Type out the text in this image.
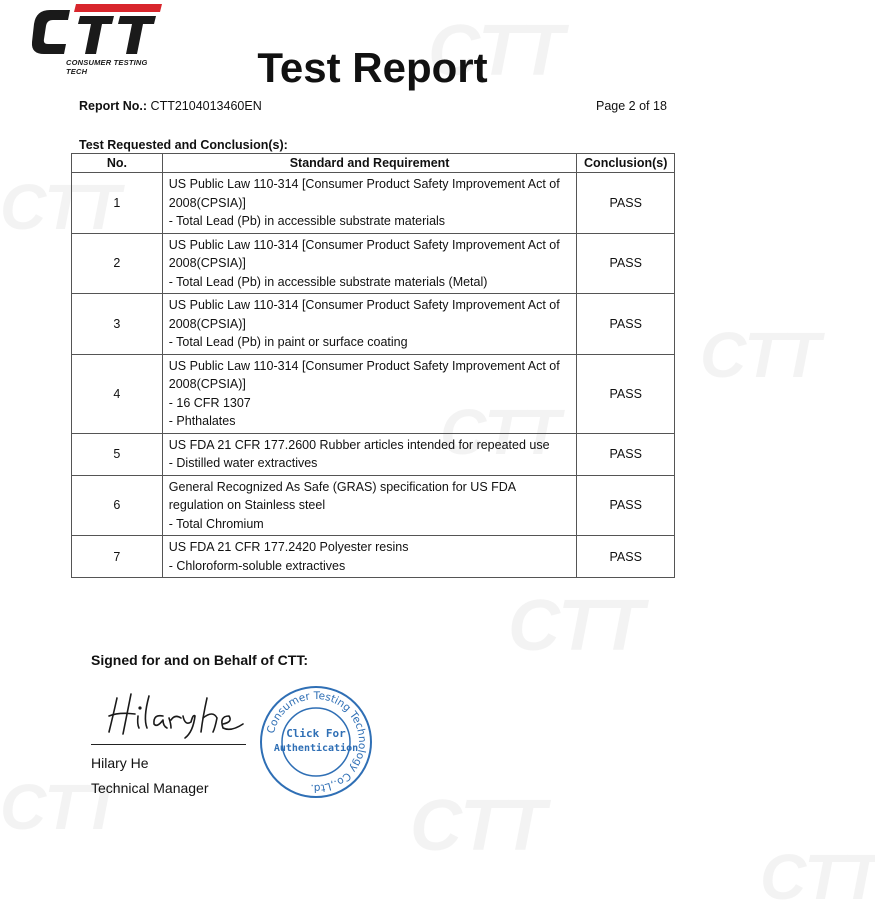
CONSUMER TESTING TECH	Test Report
Report No.: CTT2104013460EN	Page 2 of 18
Test Requested and Conclusion(s):
No.	Standard and Requirement	Conclusion(s)
1	US Public Law 110-314 [Consumer Product Safety Improvement Act of
2008(CPSIA)]
- Total Lead (Pb) in accessible substrate materials	PASS
2	US Public Law 110-314 [Consumer Product Safety Improvement Act of
2008(CPSIA)]
- Total Lead (Pb) in accessible substrate materials (Metal)	PASS
3	US Public Law 110-314 [Consumer Product Safety Improvement Act of
2008(CPSIA)]
- Total Lead (Pb) in paint or surface coating	PASS
4	US Public Law 110-314 [Consumer Product Safety Improvement Act of
2008(CPSIA)]
- 16 CFR 1307
- Phthalates	PASS
5	US FDA 21 CFR 177.2600 Rubber articles intended for repeated use
- Distilled water extractives	PASS
6	General Recognized As Safe (GRAS) specification for US FDA
regulation on Stainless steel
- Total Chromium	PASS
7	US FDA 21 CFR 177.2420 Polyester resins
- Chloroform-soluble extractives	PASS
Signed for and on Behalf of CTT:
Hilary He
Technical Manager
Consumer Testing Technology Co.,Ltd.
Click For
Authentication
